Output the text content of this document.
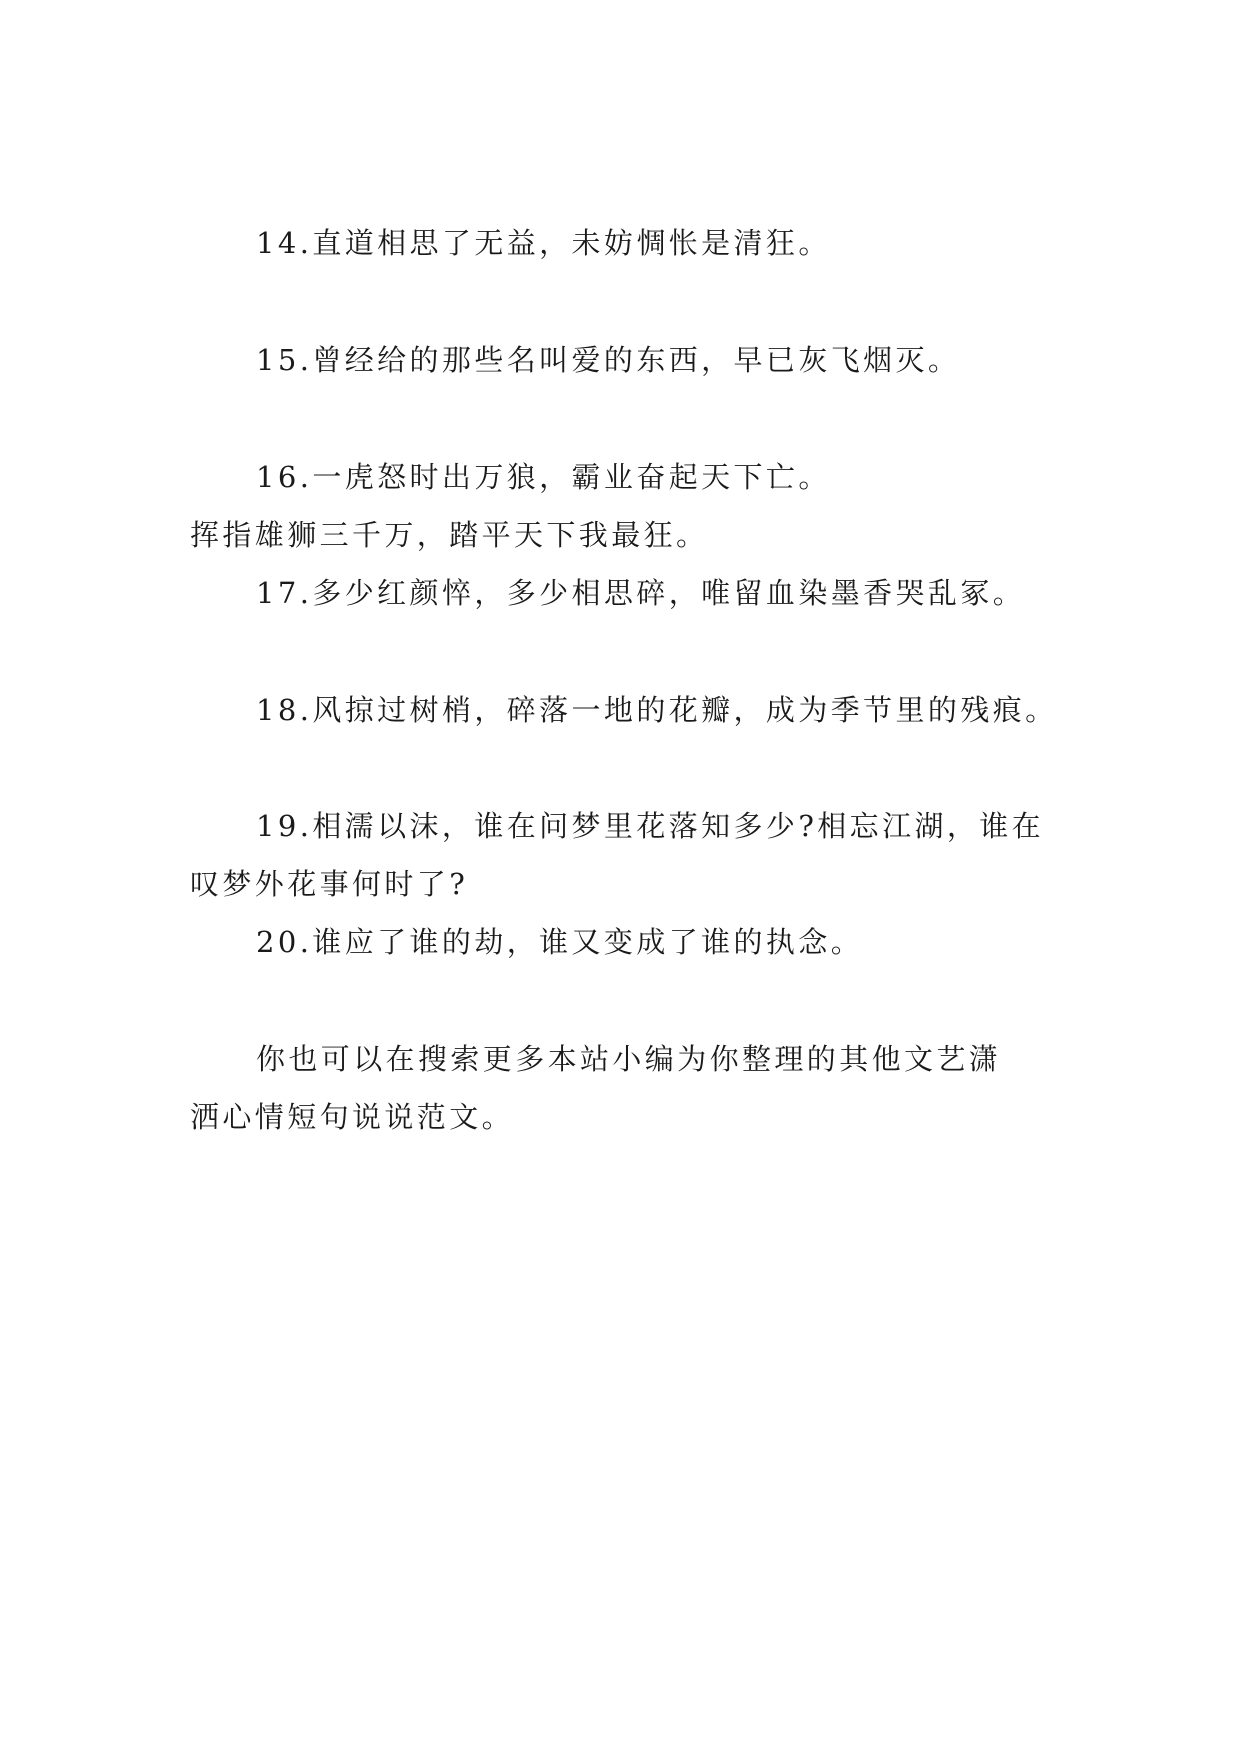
14.直道相思了无益，未妨惆怅是清狂。
15.曾经给的那些名叫爱的东西，早已灰飞烟灭。
16.一虎怒时出万狼，霸业奋起天下亡。
挥指雄狮三千万，踏平天下我最狂。
17.多少红颜悴，多少相思碎，唯留血染墨香哭乱冢。
18.风掠过树梢，碎落一地的花瓣，成为季节里的残痕。
19.相濡以沫，谁在问梦里花落知多少?相忘江湖，谁在
叹梦外花事何时了?
20.谁应了谁的劫，谁又变成了谁的执念。
你也可以在搜索更多本站小编为你整理的其他文艺潇
洒心情短句说说范文。
